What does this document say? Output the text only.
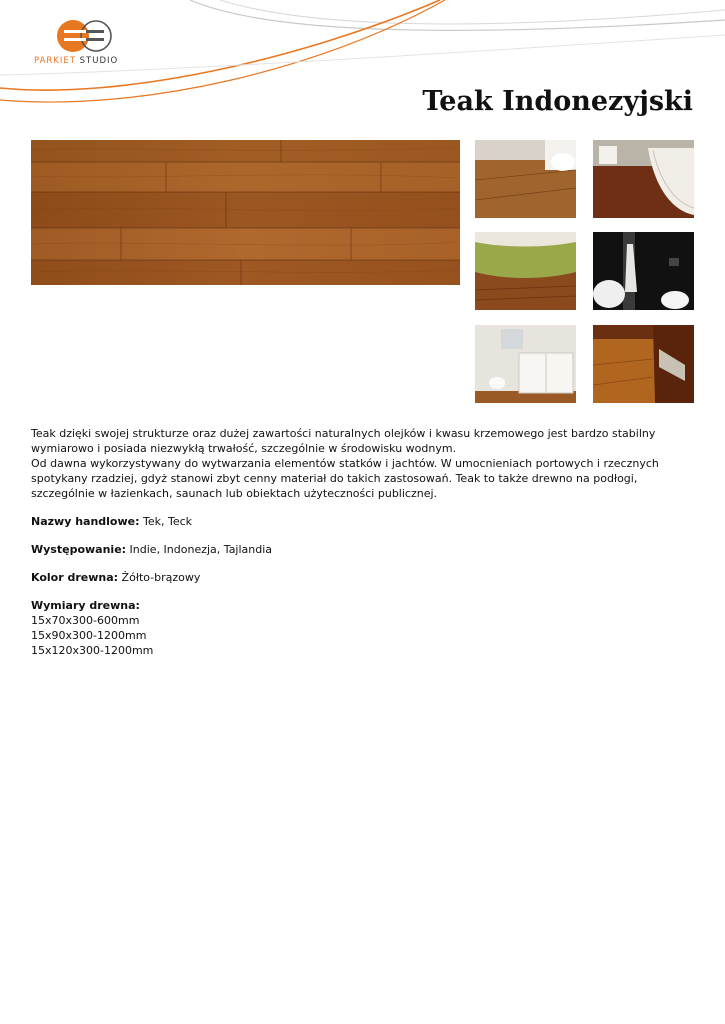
PARKIET STUDIO
Teak Indonezyjski

Teak dzięki swojej strukturze oraz dużej zawartości naturalnych olejków i kwasu krzemowego jest bardzo stabilny wymiarowo i posiada niezwykłą trwałość, szczególnie w środowisku wodnym.

Od dawna wykorzystywany do wytwarzania elementów statków i jachtów. W umocnieniach portowych i rzecznych spotykany rzadziej, gdyż stanowi zbyt cenny materiał do takich zastosowań. Teak to także drewno na podłogi, szczególnie w łazienkach, saunach lub obiektach użyteczności publicznej.

Nazwy handlowe: Tek, Teck

Występowanie: Indie, Indonezja, Tajlandia

Kolor drewna: Żółto-brązowy

Wymiary drewna:

15x70x300-600mm

15x90x300-1200mm

15x120x300-1200mm
